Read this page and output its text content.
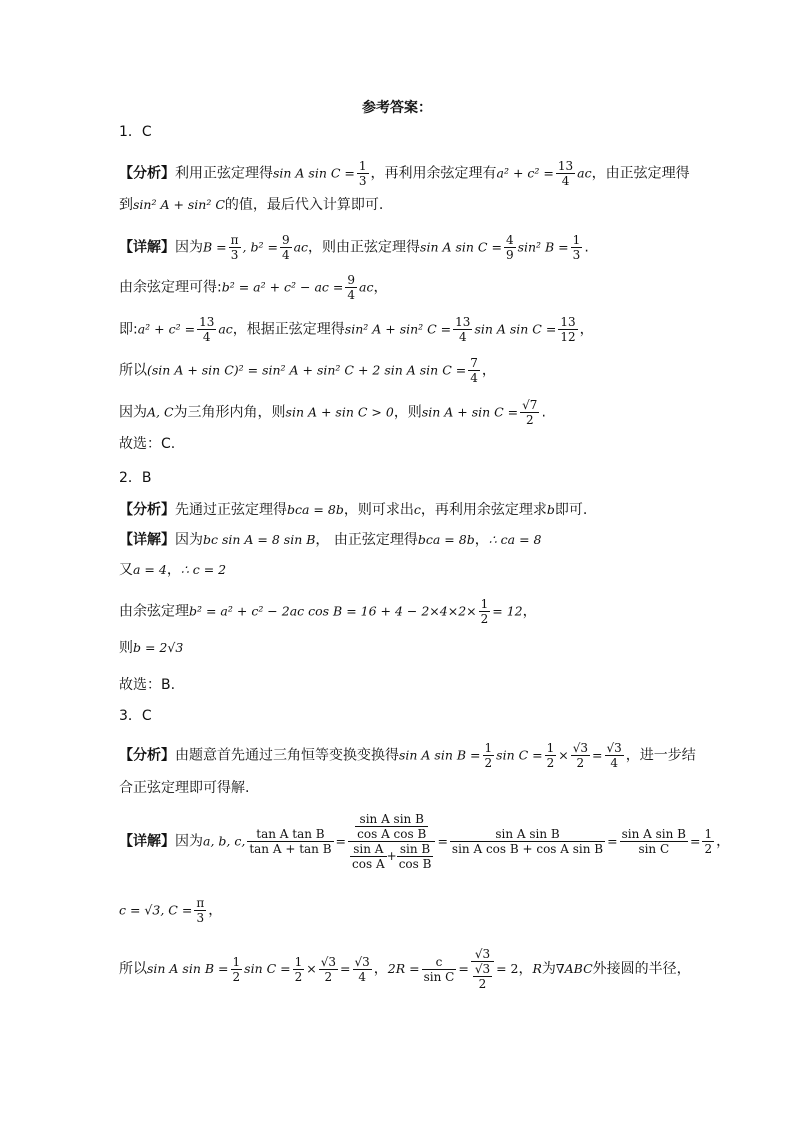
参考答案：
1．C
【分析】利用正弦定理得sin A $\sin C = \frac{1}{3}$ ，再利用余弦定理有$a^2 + c^2 = \frac{13}{4}$ ac，由正弦定理得
到sin² A + sin² C的值，最后代入计算即可.
【详解】因为$B = \frac{\pi}{3}$ , $b^2 = \frac{9}{4}$ ac，则由正弦定理得sin A $\sin C = \frac{4}{9} \sin^2$ $B = \frac{1}{3}$ .
由余弦定理可得:b² = a² + c² − ac = $\frac{9}{4}$ ac，
即:a² + $c^2 = \frac{13}{4}$ ac，根据正弦定理得sin² A + sin² $C = \frac{13}{4}$ sin A $\sin C = \frac{13}{12}$ ，
所以(sin A + sin C)² = sin² A + sin² C + 2 sin A $\sin C = \frac{7}{4}$ ，
因为A, C为三角形内角，则sin A + sin C > 0，则$\sin A + \sin C = \frac{√7}{2}$ .
故选：C.
2．B
【分析】先通过正弦定理得bca = 8b，则可求出c，再利用余弦定理求b即可.
【详解】因为bc sin A = 8 sin B， 由正弦定理得bca = 8b，∴ ca = 8
又a = 4，∴ c = 2
由余弦定理b² = a² + c² − 2ac $\cos B = 16 + 4 - 2\times 4\times 2\times \frac{1}{2} = 12$，
则b = 2√3
故选：B.
3．C
【分析】由题意首先通过三角恒等变换变换得sin A $\sin B = \frac{1}{2}$ $\sin C = \frac{1}{2} \times \frac{√3}{2} = \frac{√3}{4}$ ，进一步结
合正弦定理即可得解.
【详解】因为a, b, c, $\frac{\text{tan A tan B}}{\text{tan A + tan B}} = \frac{\frac{\text{sin A sin B}}{\text{cos A cos B}}}{\frac{\text{sin A}}{\text{cos A}} + \frac{\text{sin B}}{\text{cos B}}} = \frac{\text{sin A sin B}}{\text{sin A cos B + cos A sin B}} = \frac{\text{sin A sin B}}{\text{sin C}} = \frac{1}{2}$ ，
c = √3, $C = \frac{\pi}{3}$ ，
所以sin A $\sin B = \frac{1}{2}$ $\sin C = \frac{1}{2} \times \frac{√3}{2} = \frac{√3}{4}$ ，$2R = \frac{c}{\text{sin C}} = \frac{√3}{\frac{√3}{2}} = 2$，R为∇ABC外接圆的半径，
